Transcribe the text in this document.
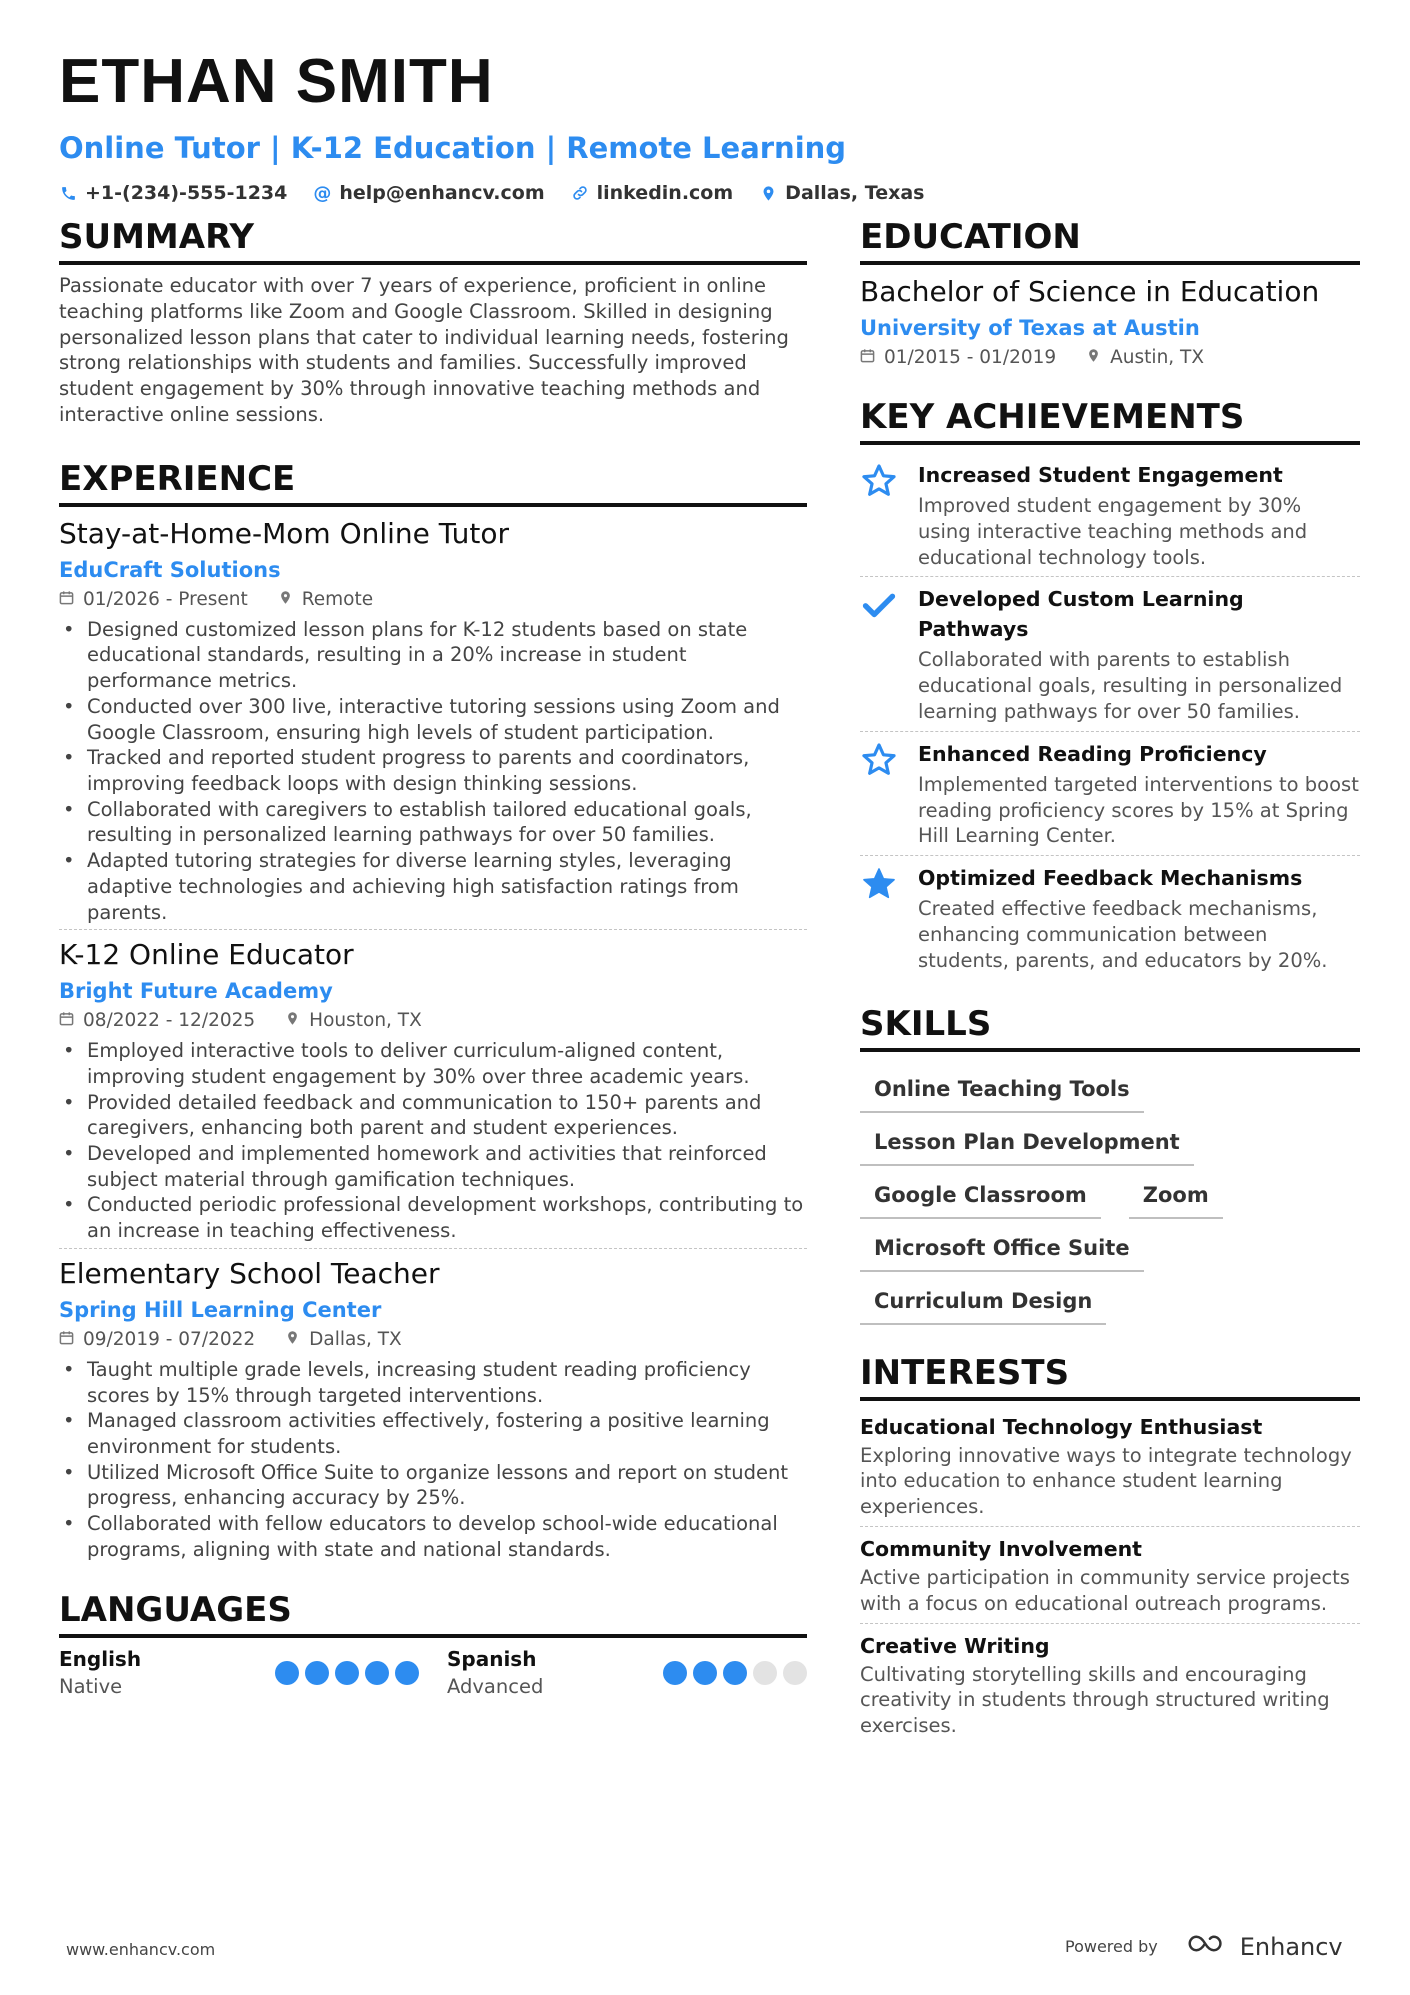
ETHAN SMITH
Online Tutor | K-12 Education | Remote Learning
+1-(234)-555-1234 @ help@enhancv.com	linkedin.com	Dallas, Texas
SUMMARY

Passionate educator with over 7 years of experience, proficient in online teaching platforms like Zoom and Google Classroom. Skilled in designing personalized lesson plans that cater to individual learning needs, fostering strong relationships with students and families. Successfully improved student engagement by 30% through innovative teaching methods and interactive online sessions.

EXPERIENCE
Stay-at-Home-Mom Online Tutor
EduCraft Solutions
01/2026 - Present	Remote
• Designed customized lesson plans for K-12 students based on state educational standards, resulting in a 20% increase in student performance metrics.
• Conducted over 300 live, interactive tutoring sessions using Zoom and Google Classroom, ensuring high levels of student participation.
• Tracked and reported student progress to parents and coordinators, improving feedback loops with design thinking sessions.
• Collaborated with caregivers to establish tailored educational goals, resulting in personalized learning pathways for over 50 families.
• Adapted tutoring strategies for diverse learning styles, leveraging adaptive technologies and achieving high satisfaction ratings from parents.
K-12 Online Educator
Bright Future Academy
08/2022 - 12/2025	Houston, TX
• Employed interactive tools to deliver curriculum-aligned content, improving student engagement by 30% over three academic years.
• Provided detailed feedback and communication to 150+ parents and caregivers, enhancing both parent and student experiences.
• Developed and implemented homework and activities that reinforced subject material through gamification techniques.
• Conducted periodic professional development workshops, contributing to an increase in teaching effectiveness.
Elementary School Teacher
Spring Hill Learning Center
09/2019 - 07/2022	Dallas, TX
• Taught multiple grade levels, increasing student reading proficiency scores by 15% through targeted interventions.
• Managed classroom activities effectively, fostering a positive learning environment for students.
• Utilized Microsoft Office Suite to organize lessons and report on student progress, enhancing accuracy by 25%.
• Collaborated with fellow educators to develop school-wide educational programs, aligning with state and national standards.
LANGUAGES
English
Native
Spanish
Advanced
EDUCATION
Bachelor of Science in Education
University of Texas at Austin
01/2015 - 01/2019	Austin, TX
KEY ACHIEVEMENTS
Increased Student Engagement
Improved student engagement by 30% using interactive teaching methods and educational technology tools.
Developed Custom Learning Pathways
Collaborated with parents to establish educational goals, resulting in personalized learning pathways for over 50 families.
Enhanced Reading Proficiency
Implemented targeted interventions to boost reading proficiency scores by 15% at Spring Hill Learning Center.
Optimized Feedback Mechanisms
Created effective feedback mechanisms, enhancing communication between students, parents, and educators by 20%.
SKILLS
Online Teaching Tools
Lesson Plan Development
Google Classroom	Zoom
Microsoft Office Suite
Curriculum Design
INTERESTS
Educational Technology Enthusiast
Exploring innovative ways to integrate technology into education to enhance student learning experiences.
Community Involvement
Active participation in community service projects with a focus on educational outreach programs.
Creative Writing
Cultivating storytelling skills and encouraging creativity in students through structured writing exercises.
www.enhancv.com	Powered by	Enhancv
